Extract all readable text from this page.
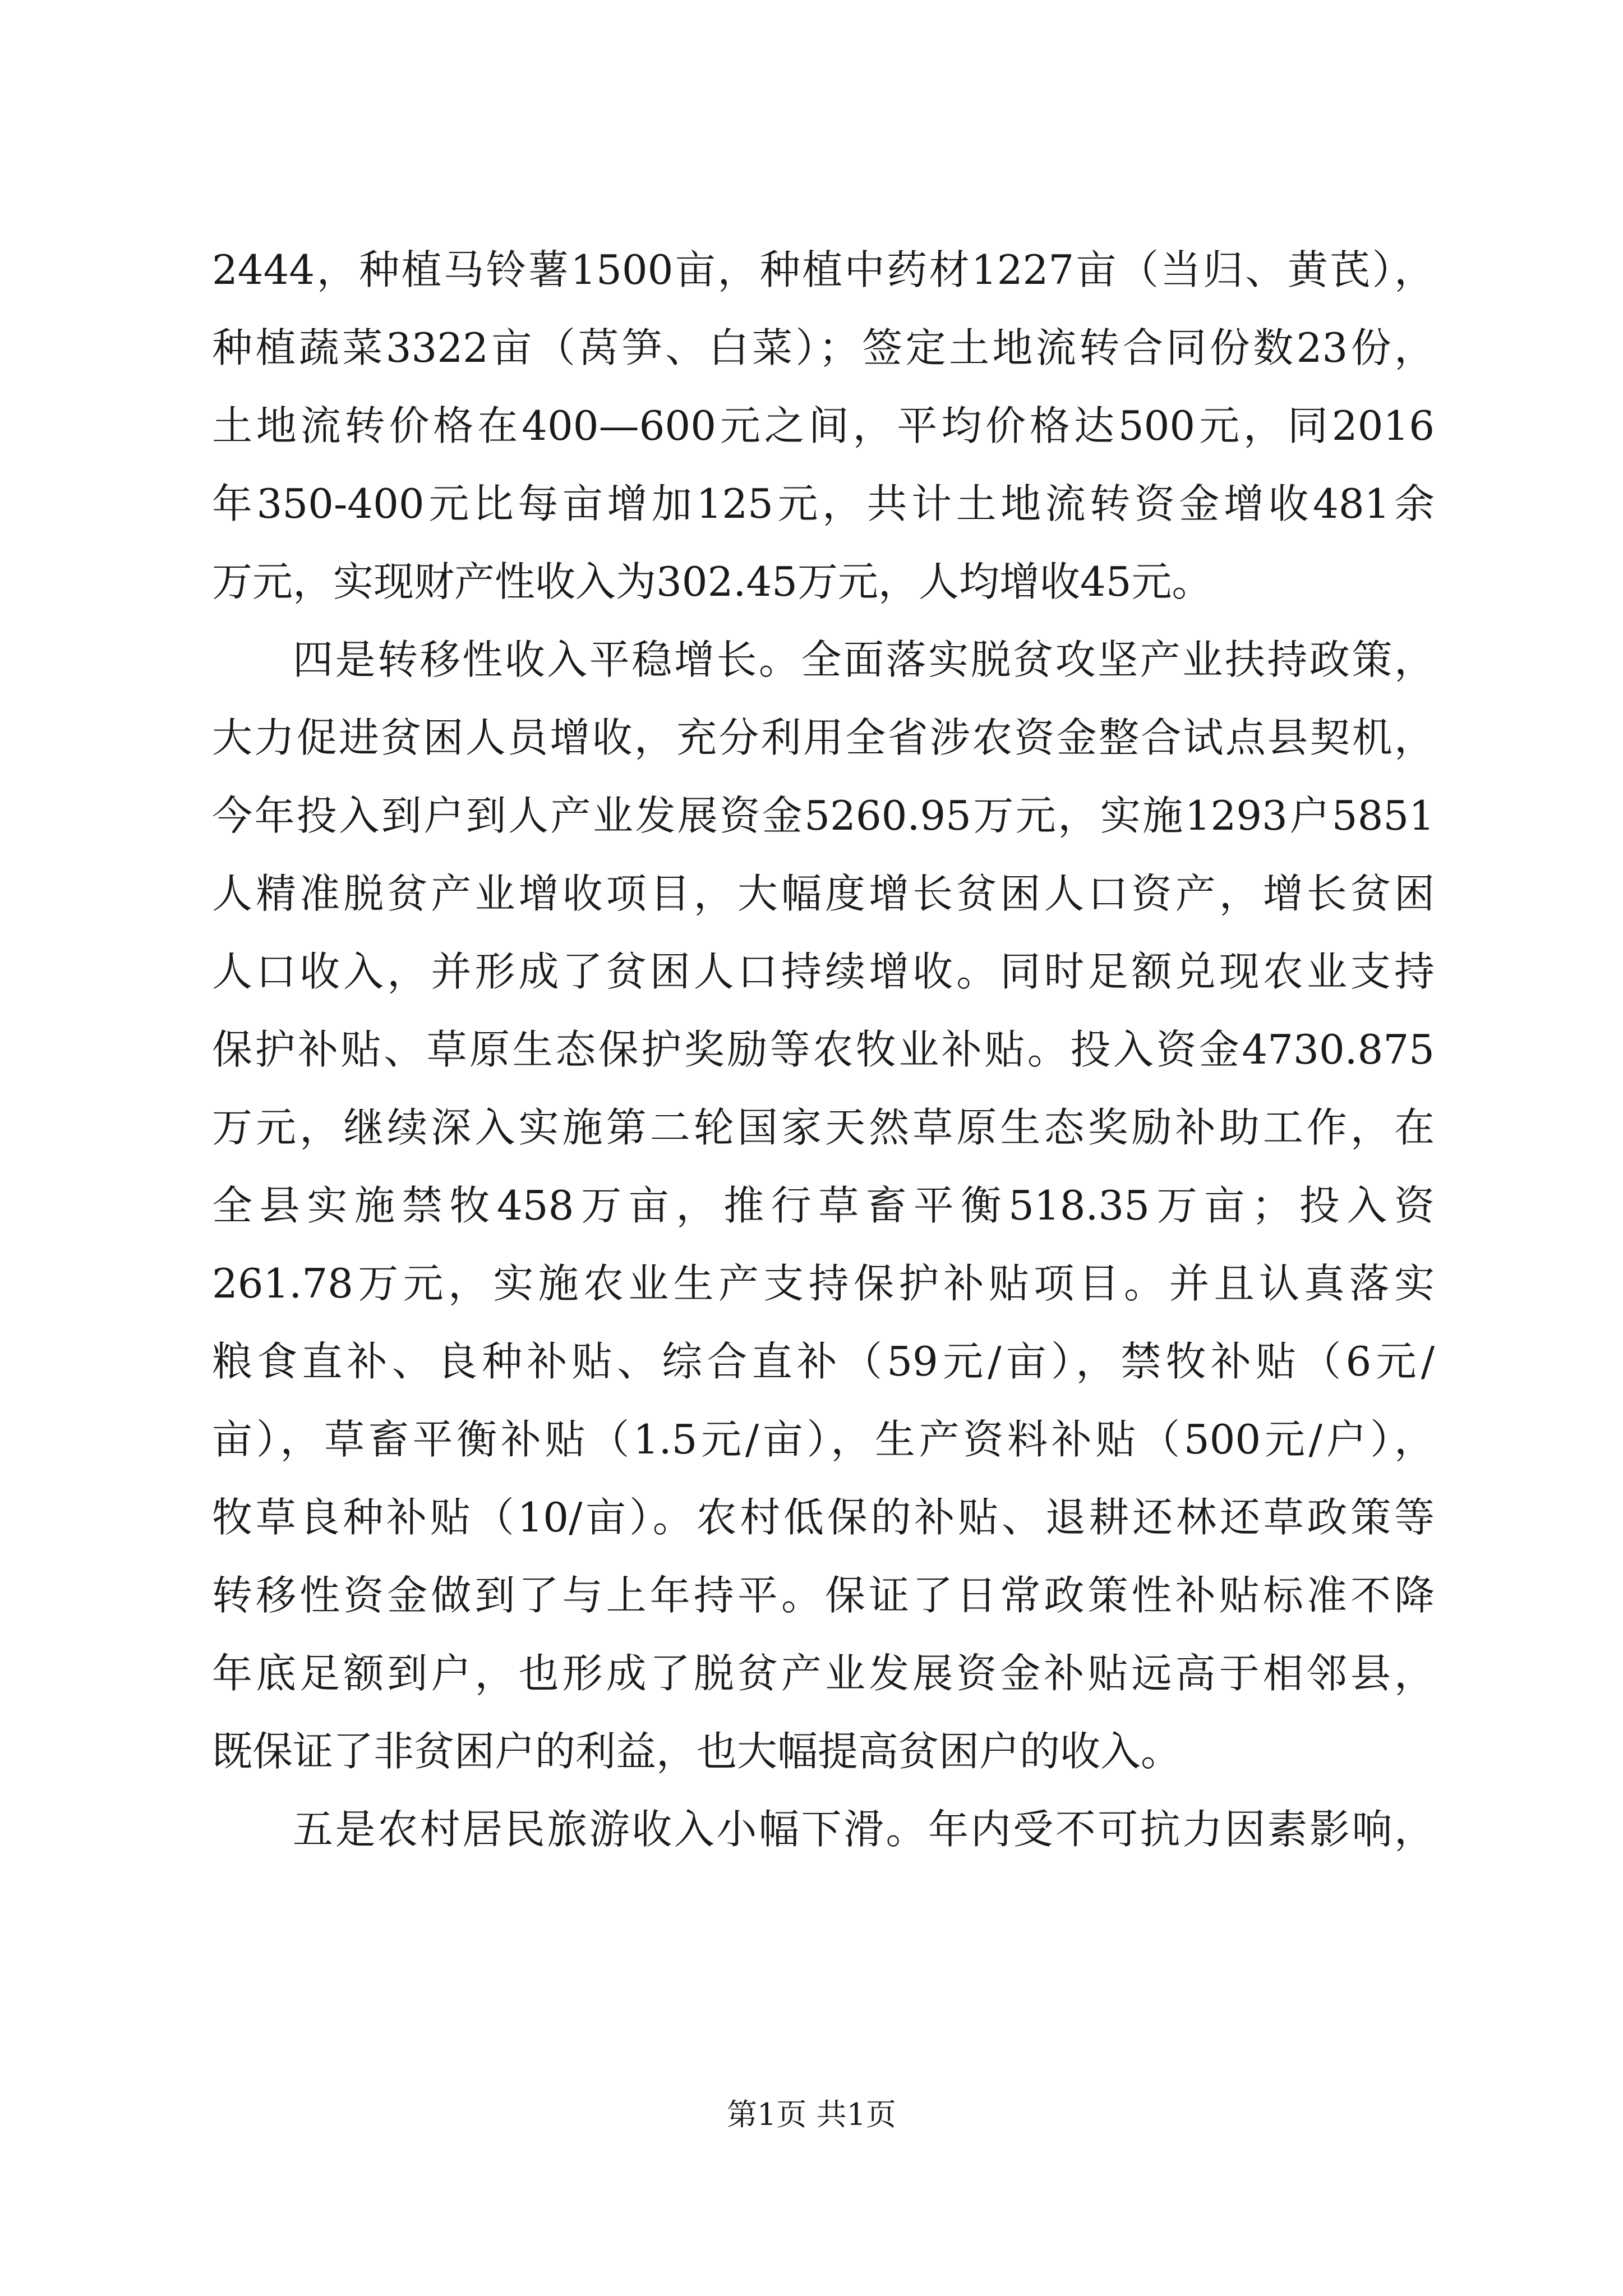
2444，种植马铃薯1500亩，种植中药材1227亩（当归、黄芪），
种植蔬菜3322亩（莴笋、白菜）；签定土地流转合同份数23份，
土地流转价格在400—600元之间，平均价格达500元，同2016
年350-400元比每亩增加125元，共计土地流转资金增收481余
万元，实现财产性收入为302.45万元，人均增收45元。
四是转移性收入平稳增长。全面落实脱贫攻坚产业扶持政策，
大力促进贫困人员增收，充分利用全省涉农资金整合试点县契机，
今年投入到户到人产业发展资金5260.95万元，实施1293户5851
人精准脱贫产业增收项目，大幅度增长贫困人口资产，增长贫困
人口收入，并形成了贫困人口持续增收。同时足额兑现农业支持
保护补贴、草原生态保护奖励等农牧业补贴。投入资金4730.875
万元，继续深入实施第二轮国家天然草原生态奖励补助工作，在
全县实施禁牧458万亩，推行草畜平衡518.35万亩；投入资
261.78万元，实施农业生产支持保护补贴项目。并且认真落实
粮食直补、良种补贴、综合直补（59元/亩），禁牧补贴（6元/
亩），草畜平衡补贴（1.5元/亩），生产资料补贴（500元/户），
牧草良种补贴（10/亩）。农村低保的补贴、退耕还林还草政策等
转移性资金做到了与上年持平。保证了日常政策性补贴标准不降
年底足额到户，也形成了脱贫产业发展资金补贴远高于相邻县，
既保证了非贫困户的利益，也大幅提高贫困户的收入。
五是农村居民旅游收入小幅下滑。年内受不可抗力因素影响，
第1页 共1页
